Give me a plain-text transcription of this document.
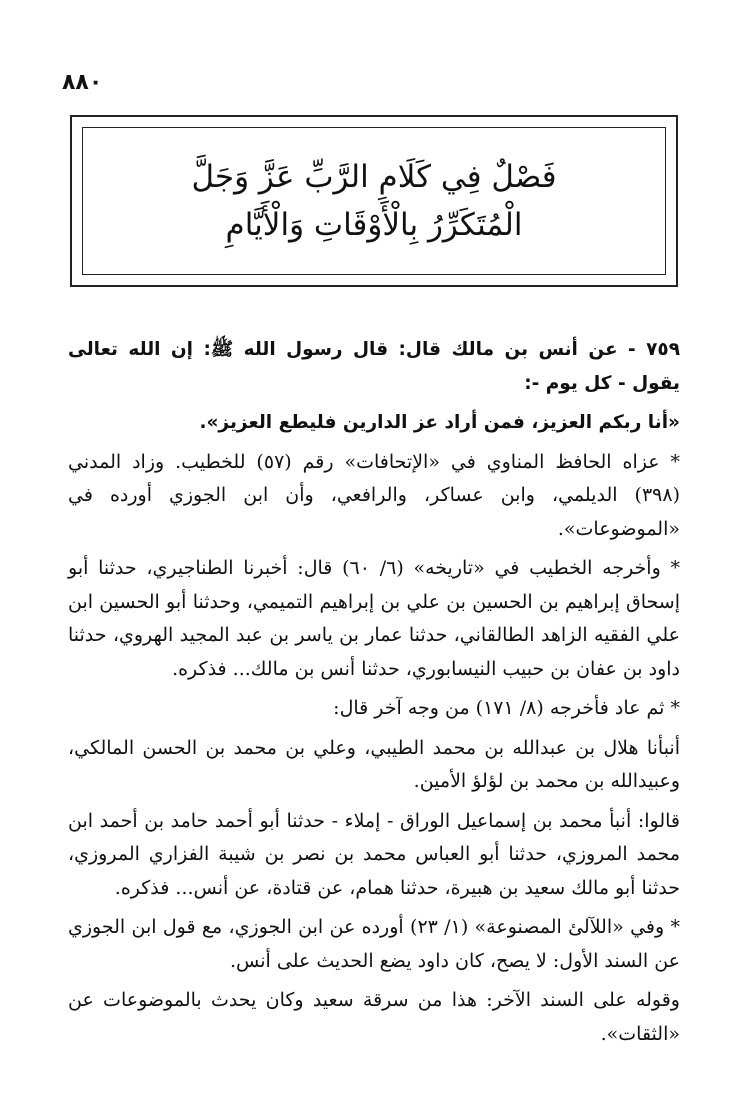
٨٨٠
فَصْلٌ فِي كَلَامِ الرَّبِّ عَزَّ وَجَلَّ
الْمُتَكَرِّرُ بِالْأَوْقَاتِ وَالْأَيَّامِ

٧٥٩ - عن أنس بن مالك قال: قال رسول الله ﷺ: إن الله تعالى يقول - كل يوم -:

«أنا ربكم العزيز، فمن أراد عز الدارين فليطع العزيز».

* عزاه الحافظ المناوي في «الإتحافات» رقم (٥٧) للخطيب. وزاد المدني (٣٩٨) الديلمي، وابن عساكر، والرافعي، وأن ابن الجوزي أورده في «الموضوعات».

* وأخرجه الخطيب في «تاريخه» (٦/ ٦٠) قال: أخبرنا الطناجيري، حدثنا أبو إسحاق إبراهيم بن الحسين بن علي بن إبراهيم التميمي، وحدثنا أبو الحسين ابن علي الفقيه الزاهد الطالقاني، حدثنا عمار بن ياسر بن عبد المجيد الهروي، حدثنا داود بن عفان بن حبيب النيسابوري، حدثنا أنس بن مالك... فذكره.

* ثم عاد فأخرجه (٨/ ١٧١) من وجه آخر قال:

أنبأنا هلال بن عبدالله بن محمد الطيبي، وعلي بن محمد بن الحسن المالكي، وعبيدالله بن محمد بن لؤلؤ الأمين.

قالوا: أنبأ محمد بن إسماعيل الوراق - إملاء - حدثنا أبو أحمد حامد بن أحمد ابن محمد المروزي، حدثنا أبو العباس محمد بن نصر بن شيبة الفزاري المروزي، حدثنا أبو مالك سعيد بن هبيرة، حدثنا همام، عن قتادة، عن أنس... فذكره.

* وفي «اللآلئ المصنوعة» (١/ ٢٣) أورده عن ابن الجوزي، مع قول ابن الجوزي عن السند الأول: لا يصح، كان داود يضع الحديث على أنس.

وقوله على السند الآخر: هذا من سرقة سعيد وكان يحدث بالموضوعات عن «الثقات».
